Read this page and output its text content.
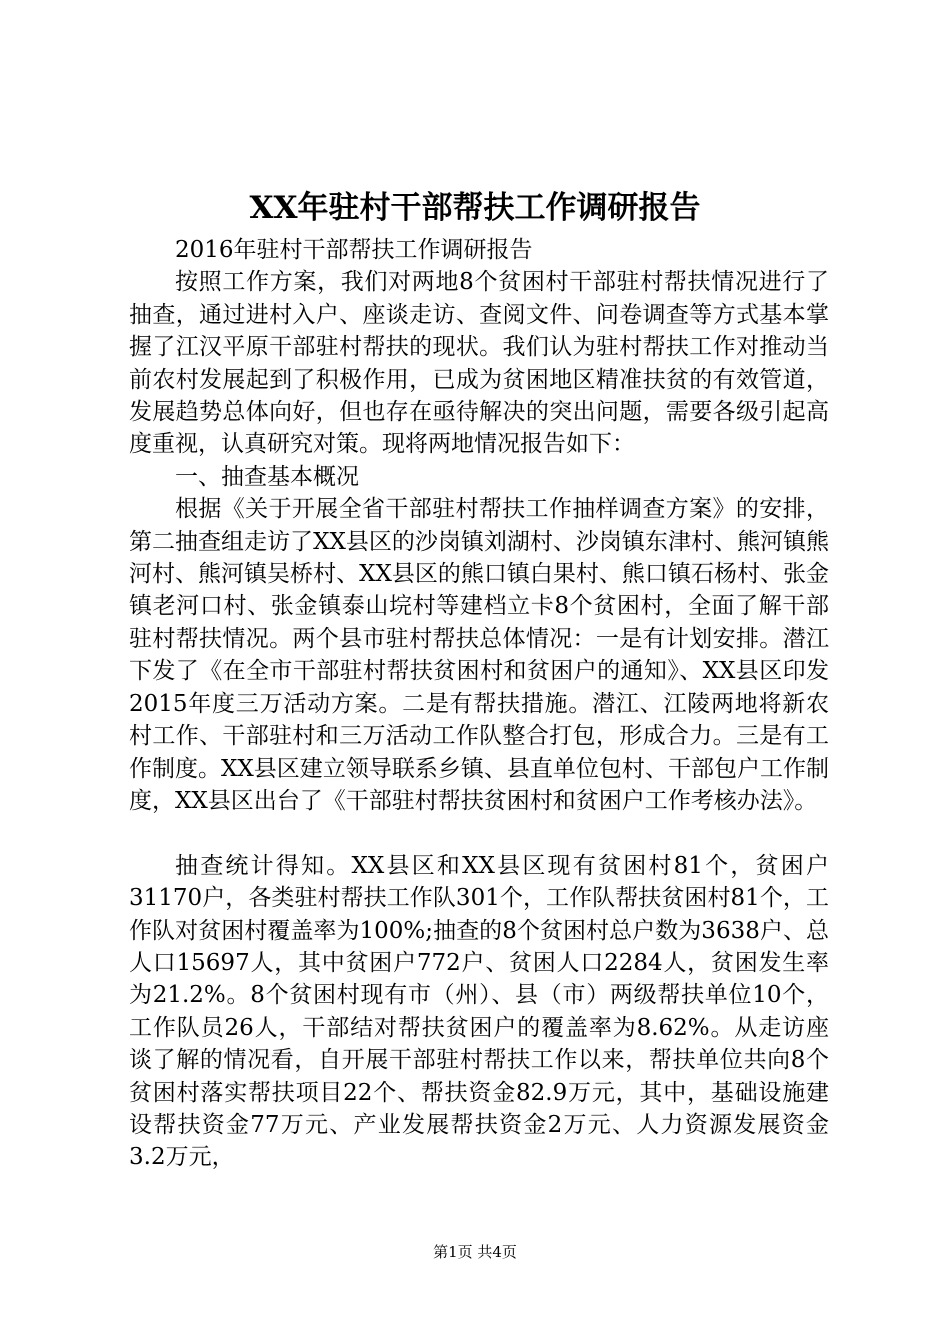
XX年驻村干部帮扶工作调研报告

2016年驻村干部帮扶工作调研报告

按照工作方案，我们对两地8个贫困村干部驻村帮扶情况进行了抽查，通过进村入户、座谈走访、查阅文件、问卷调查等方式基本掌握了江汉平原干部驻村帮扶的现状。我们认为驻村帮扶工作对推动当前农村发展起到了积极作用，已成为贫困地区精准扶贫的有效管道，发展趋势总体向好，但也存在亟待解决的突出问题，需要各级引起高度重视，认真研究对策。现将两地情况报告如下：

一、抽查基本概况

根据《关于开展全省干部驻村帮扶工作抽样调查方案》的安排，第二抽查组走访了XX县区的沙岗镇刘湖村、沙岗镇东津村、熊河镇熊河村、熊河镇吴桥村、XX县区的熊口镇白果村、熊口镇石杨村、张金镇老河口村、张金镇泰山垸村等建档立卡8个贫困村，全面了解干部驻村帮扶情况。两个县市驻村帮扶总体情况：一是有计划安排。潜江下发了《在全市干部驻村帮扶贫困村和贫困户的通知》、XX县区印发2015年度三万活动方案。二是有帮扶措施。潜江、江陵两地将新农村工作、干部驻村和三万活动工作队整合打包，形成合力。三是有工作制度。XX县区建立领导联系乡镇、县直单位包村、干部包户工作制度，XX县区出台了《干部驻村帮扶贫困村和贫困户工作考核办法》。

抽查统计得知。XX县区和XX县区现有贫困村81个，贫困户31170户，各类驻村帮扶工作队301个，工作队帮扶贫困村81个，工作队对贫困村覆盖率为100%;抽查的8个贫困村总户数为3638户、总人口15697人，其中贫困户772户、贫困人口2284人，贫困发生率为21.2%。8个贫困村现有市（州）、县（市）两级帮扶单位10个，工作队员26人，干部结对帮扶贫困户的覆盖率为8.62%。从走访座谈了解的情况看，自开展干部驻村帮扶工作以来，帮扶单位共向8个贫困村落实帮扶项目22个、帮扶资金82.9万元，其中，基础设施建设帮扶资金77万元、产业发展帮扶资金2万元、人力资源发展资金3.2万元，

第1页 共4页
